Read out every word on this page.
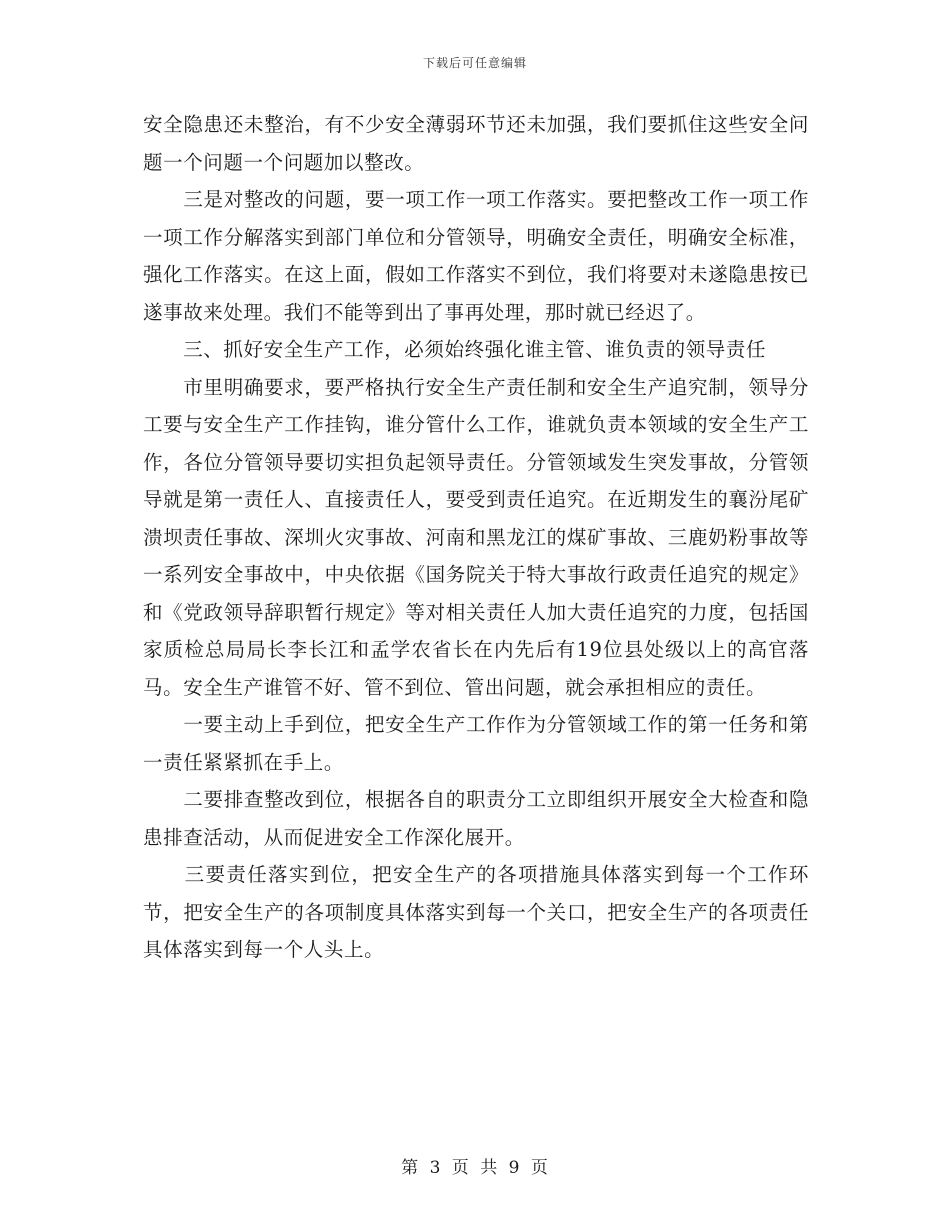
下载后可任意编辑

安全隐患还未整治，有不少安全薄弱环节还未加强，我们要抓住这些安全问题一个问题一个问题加以整改。

　　三是对整改的问题，要一项工作一项工作落实。要把整改工作一项工作一项工作分解落实到部门单位和分管领导，明确安全责任，明确安全标准，强化工作落实。在这上面，假如工作落实不到位，我们将要对未遂隐患按已遂事故来处理。我们不能等到出了事再处理，那时就已经迟了。

　　三、抓好安全生产工作，必须始终强化谁主管、谁负责的领导责任

　　市里明确要求，要严格执行安全生产责任制和安全生产追究制，领导分工要与安全生产工作挂钩，谁分管什么工作，谁就负责本领域的安全生产工作，各位分管领导要切实担负起领导责任。分管领域发生突发事故，分管领导就是第一责任人、直接责任人，要受到责任追究。在近期发生的襄汾尾矿溃坝责任事故、深圳火灾事故、河南和黑龙江的煤矿事故、三鹿奶粉事故等一系列安全事故中，中央依据《国务院关于特大事故行政责任追究的规定》和《党政领导辞职暂行规定》等对相关责任人加大责任追究的力度，包括国家质检总局局长李长江和孟学农省长在内先后有19位县处级以上的高官落马。安全生产谁管不好、管不到位、管出问题，就会承担相应的责任。

　　一要主动上手到位，把安全生产工作作为分管领域工作的第一任务和第一责任紧紧抓在手上。

　　二要排查整改到位，根据各自的职责分工立即组织开展安全大检查和隐患排查活动，从而促进安全工作深化展开。

　　三要责任落实到位，把安全生产的各项措施具体落实到每一个工作环节，把安全生产的各项制度具体落实到每一个关口，把安全生产的各项责任具体落实到每一个人头上。

第 3 页 共 9 页
